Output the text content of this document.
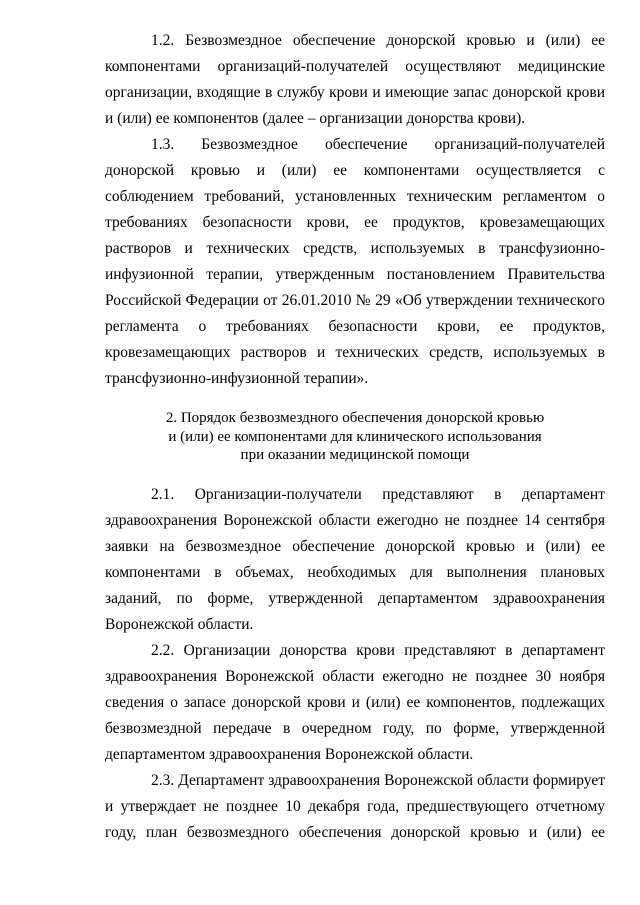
1.2. Безвозмездное обеспечение донорской кровью и (или) ее компонентами организаций-получателей осуществляют медицинские организации, входящие в службу крови и имеющие запас донорской крови и (или) ее компонентов (далее – организации донорства крови).

1.3. Безвозмездное обеспечение организаций-получателей донорской кровью и (или) ее компонентами осуществляется с соблюдением требований, установленных техническим регламентом о требованиях безопасности крови, ее продуктов, кровезамещающих растворов и технических средств, используемых в трансфузионно-инфузионной терапии, утвержденным постановлением Правительства Российской Федерации от 26.01.2010 № 29 «Об утверждении технического регламента о требованиях безопасности крови, ее продуктов, кровезамещающих растворов и технических средств, используемых в трансфузионно-инфузионной терапии».

2. Порядок безвозмездного обеспечения донорской кровью
и (или) ее компонентами для клинического использования
при оказании медицинской помощи

2.1. Организации-получатели представляют в департамент здравоохранения Воронежской области ежегодно не позднее 14 сентября заявки на безвозмездное обеспечение донорской кровью и (или) ее компонентами в объемах, необходимых для выполнения плановых заданий, по форме, утвержденной департаментом здравоохранения Воронежской области.

2.2. Организации донорства крови представляют в департамент здравоохранения Воронежской области ежегодно не позднее 30 ноября сведения о запасе донорской крови и (или) ее компонентов, подлежащих безвозмездной передаче в очередном году, по форме, утвержденной департаментом здравоохранения Воронежской области.

2.3. Департамент здравоохранения Воронежской области формирует и утверждает не позднее 10 декабря года, предшествующего отчетному году, план безвозмездного обеспечения донорской кровью и (или) ее
